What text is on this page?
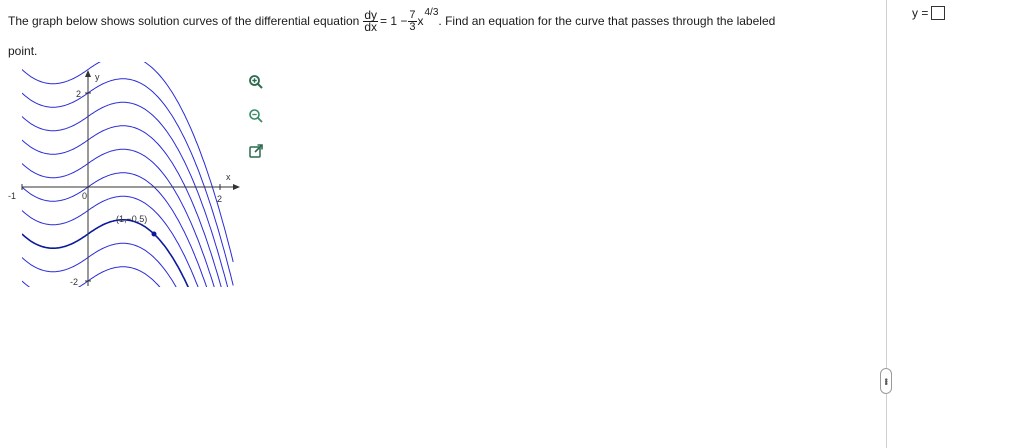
The graph below shows solution curves of the differential equation $\frac{dy}{dx} = 1 - \frac{7}{3}$ x
4/3
. Find an equation for the curve that passes through the labeled
point.
y
x
2
-2
-1	2
0
(1,−0.5)
•••
y =
